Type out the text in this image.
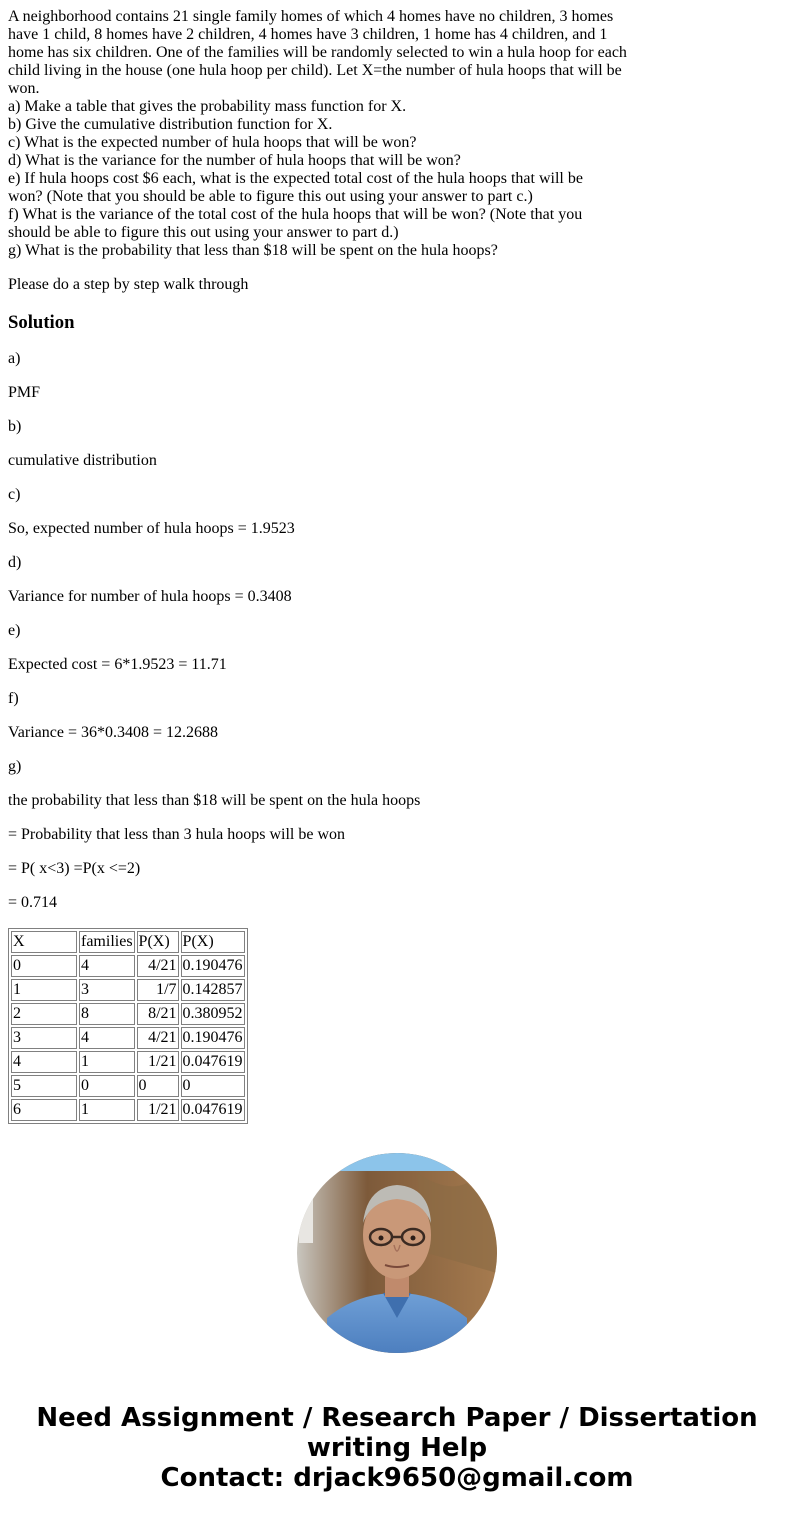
A neighborhood contains 21 single family homes of which 4 homes have no children, 3 homes
have 1 child, 8 homes have 2 children, 4 homes have 3 children, 1 home has 4 children, and 1
home has six children. One of the families will be randomly selected to win a hula hoop for each
child living in the house (one hula hoop per child). Let X=the number of hula hoops that will be
won.
a) Make a table that gives the probability mass function for X.
b) Give the cumulative distribution function for X.
c) What is the expected number of hula hoops that will be won?
d) What is the variance for the number of hula hoops that will be won?
e) If hula hoops cost $6 each, what is the expected total cost of the hula hoops that will be
won? (Note that you should be able to figure this out using your answer to part c.)
f) What is the variance of the total cost of the hula hoops that will be won? (Note that you
should be able to figure this out using your answer to part d.)
g) What is the probability that less than $18 will be spent on the hula hoops?

Please do a step by step walk through

Solution

a)

PMF

b)

cumulative distribution

c)

So, expected number of hula hoops = 1.9523

d)

Variance for number of hula hoops = 0.3408

e)

Expected cost = 6*1.9523 = 11.71

f)

Variance = 36*0.3408 = 12.2688

g)

the probability that less than $18 will be spent on the hula hoops

= Probability that less than 3 hula hoops will be won

= P( x<3) =P(x <=2)

= 0.714

X	families	P(X)	P(X)
0	4	4/21	0.190476
1	3	1/7	0.142857
2	8	8/21	0.380952
3	4	4/21	0.190476
4	1	1/21	0.047619
5	0	0	0
6	1	1/21	0.047619
Need Assignment / Research Paper / Dissertation
writing Help
Contact: drjack9650@gmail.com
